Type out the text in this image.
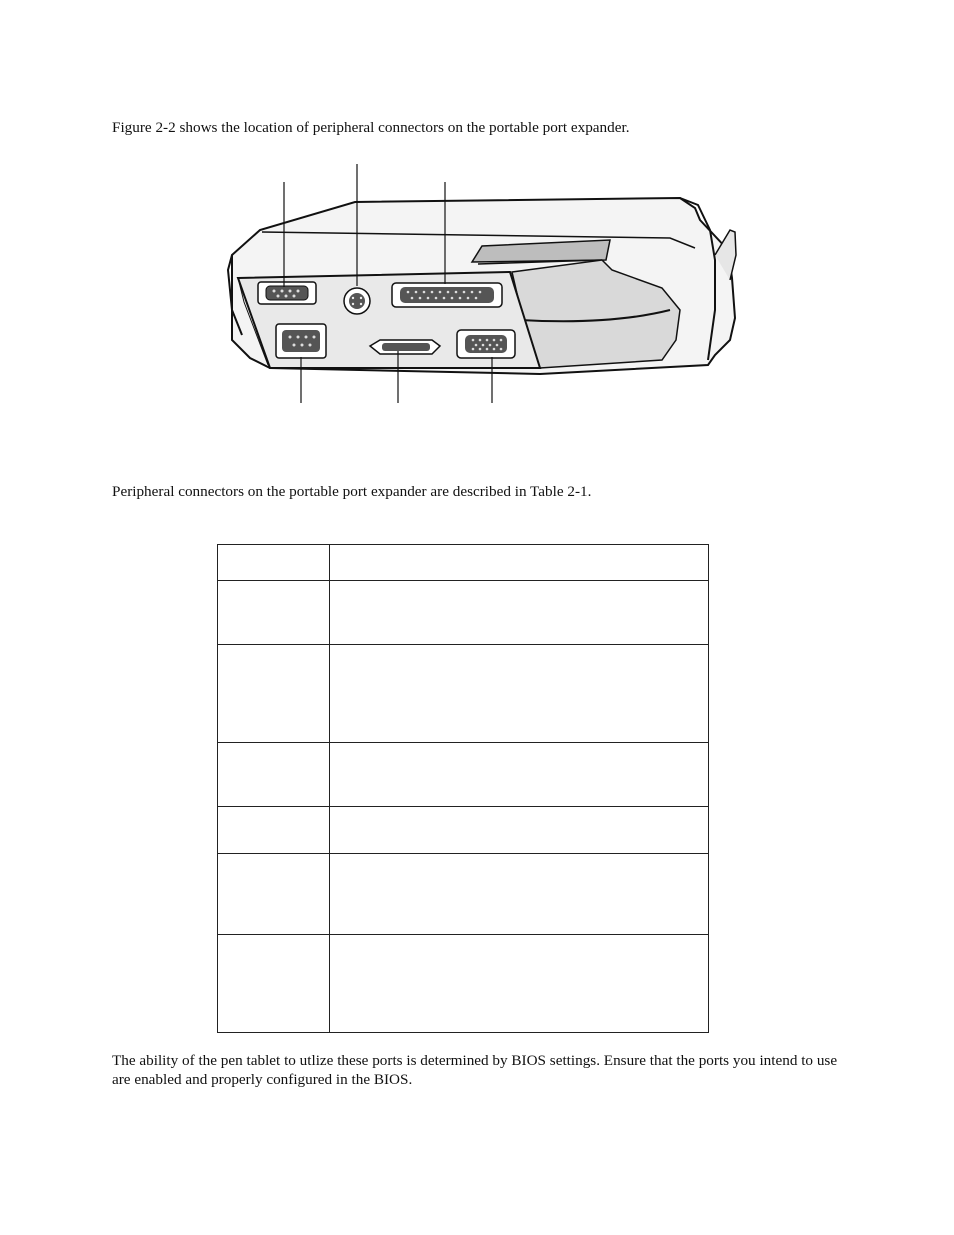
Figure 2-2 shows the location of peripheral connectors on the portable port expander.

Peripheral connectors on the portable port expander are described in Table 2-1.

The ability of the pen tablet to utlize these ports is determined by BIOS settings. Ensure that the ports you intend to use are enabled and properly configured in the BIOS.
